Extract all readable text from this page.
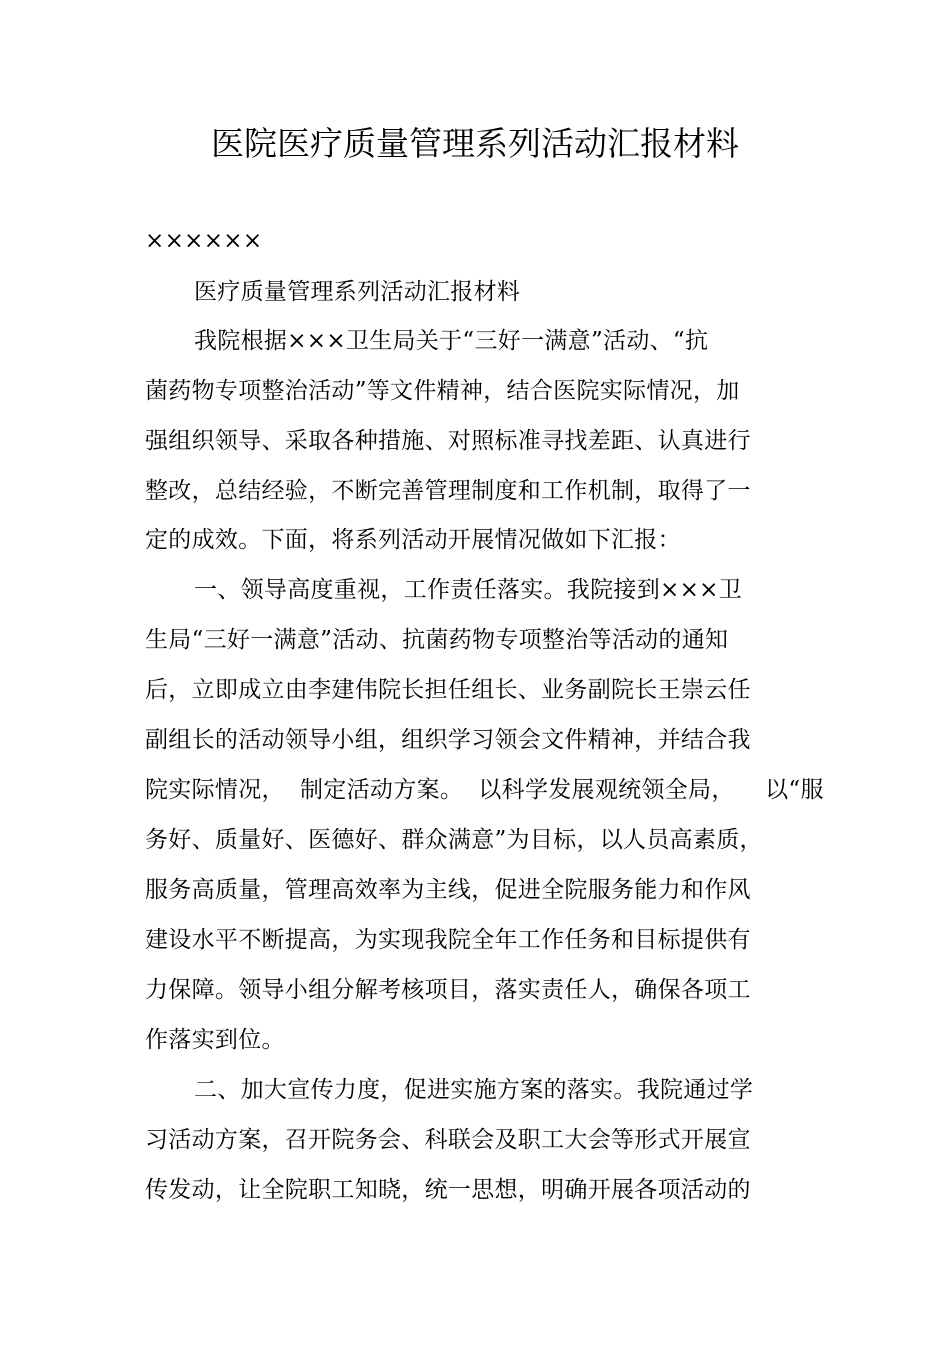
医院医疗质量管理系列活动汇报材料
××××××
医疗质量管理系列活动汇报材料
我院根据×××卫生局关于“三好一满意”活动、“抗
菌药物专项整治活动”等文件精神，结合医院实际情况，加
强组织领导、采取各种措施、对照标准寻找差距、认真进行
整改，总结经验，不断完善管理制度和工作机制，取得了一
定的成效。下面，将系列活动开展情况做如下汇报：
一、领导高度重视，工作责任落实。我院接到×××卫
生局“三好一满意”活动、抗菌药物专项整治等活动的通知
后，立即成立由李建伟院长担任组长、业务副院长王崇云任
副组长的活动领导小组，组织学习领会文件精神，并结合我
院实际情况，  制定活动方案。  以科学发展观统领全局，    以“服
务好、质量好、医德好、群众满意”为目标，以人员高素质，
服务高质量，管理高效率为主线，促进全院服务能力和作风
建设水平不断提高，为实现我院全年工作任务和目标提供有
力保障。领导小组分解考核项目，落实责任人，确保各项工
作落实到位。
二、加大宣传力度，促进实施方案的落实。我院通过学
习活动方案，召开院务会、科联会及职工大会等形式开展宣
传发动，让全院职工知晓，统一思想，明确开展各项活动的
